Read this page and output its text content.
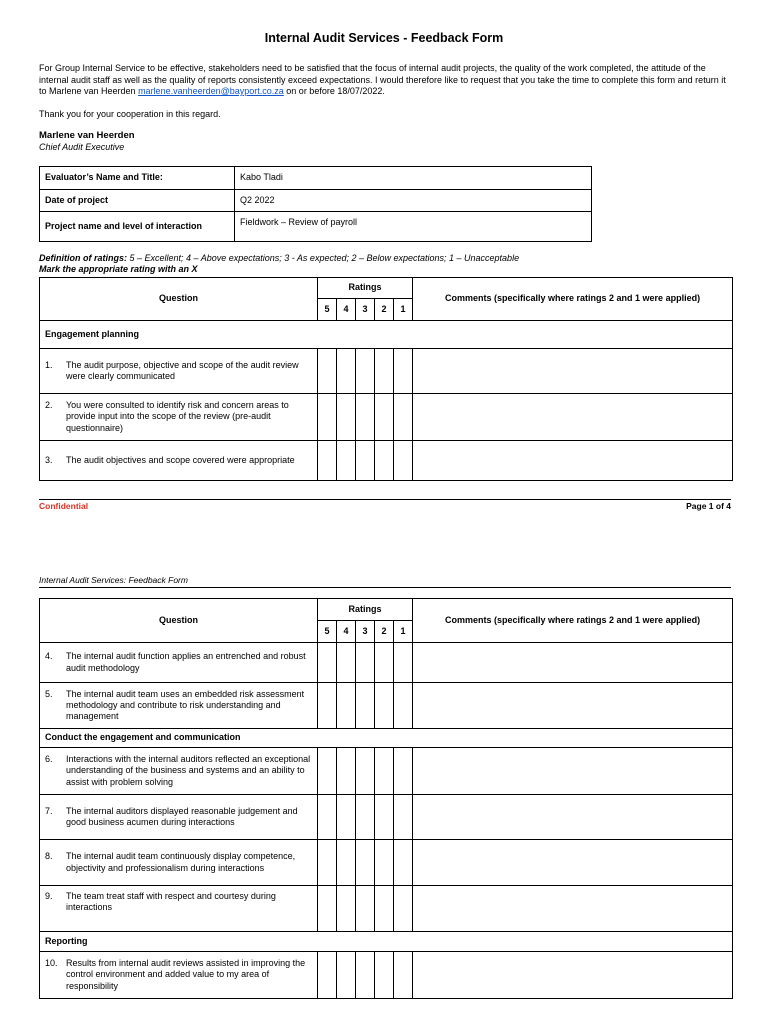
Internal Audit Services - Feedback Form
For Group Internal Service to be effective, stakeholders need to be satisfied that the focus of internal audit projects, the quality of the work completed, the attitude of the internal audit staff as well as the quality of reports consistently exceed expectations. I would therefore like to request that you take the time to complete this form and return it to Marlene van Heerden marlene.vanheerden@bayport.co.za on or before 18/07/2022.
Thank you for your cooperation in this regard.
Marlene van Heerden
Chief Audit Executive
Evaluator’s Name and Title:	Kabo Tladi
Date of project	Q2 2022
Project name and level of interaction	Fieldwork – Review of payroll
Definition of ratings: 5 – Excellent; 4 – Above expectations; 3 - As expected; 2 – Below expectations; 1 – Unacceptable
Mark the appropriate rating with an X
Question	Ratings					Comments (specifically where ratings 2 and 1 were applied)
	5	4	3	2	1	
Engagement planning						

1. The audit purpose, objective and scope of the audit review were clearly communicated						

2. You were consulted to identify risk and concern areas to provide input into the scope of the review (pre-audit questionnaire)						

3. The audit objectives and scope covered were appropriate						

Confidential	Page 1 of 4
Internal Audit Services: Feedback Form
Question	Ratings					Comments (specifically where ratings 2 and 1 were applied)
	5	4	3	2	1	

4. The internal audit function applies an entrenched and robust audit methodology						

5. The internal audit team uses an embedded risk assessment methodology and contribute to risk understanding and management						

Conduct the engagement and communication						

6. Interactions with the internal auditors reflected an exceptional understanding of the business and systems and an ability to assist with problem solving						

7. The internal auditors displayed reasonable judgement and good business acumen during interactions						

8. The internal audit team continuously display competence, objectivity and professionalism during interactions						

9. The team treat staff with respect and courtesy during interactions						

Reporting						

10. Results from internal audit reviews assisted in improving the control environment and added value to my area of responsibility						
